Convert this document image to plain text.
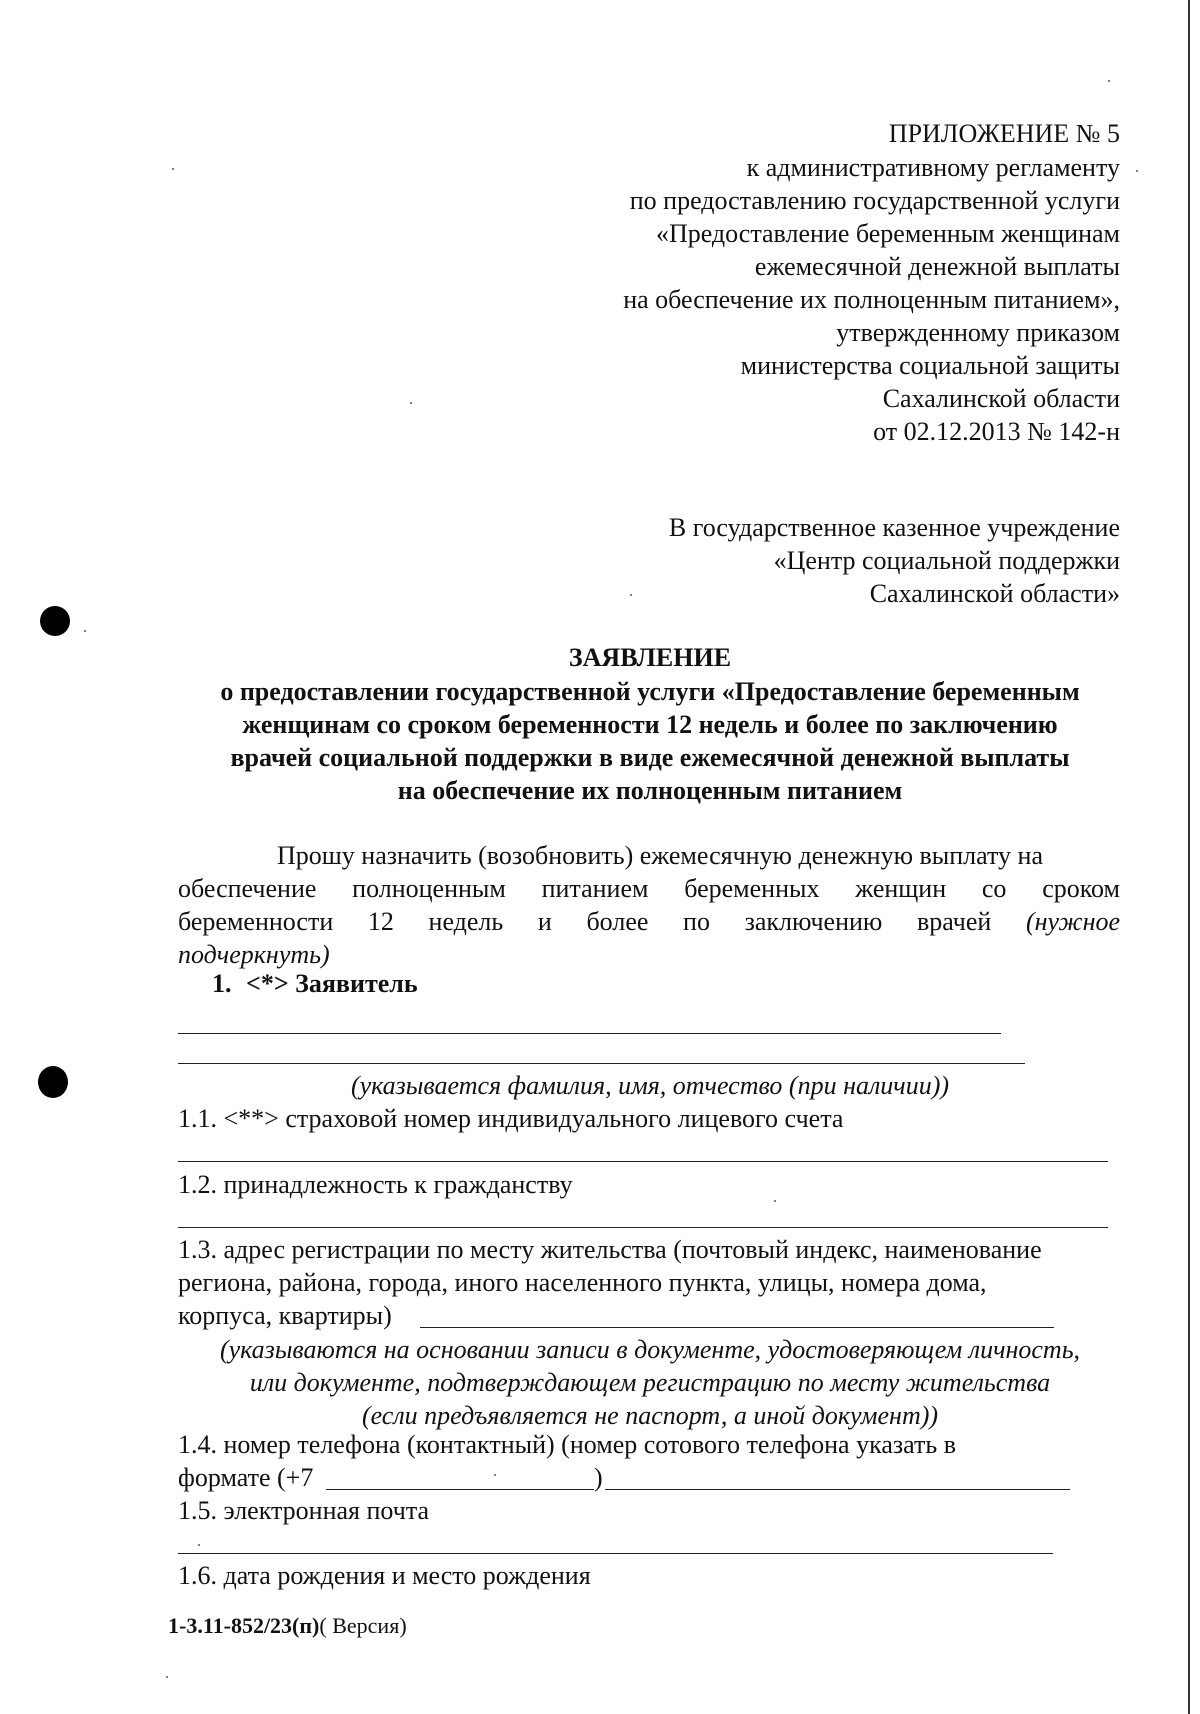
ПРИЛОЖЕНИЕ № 5
к административному регламенту
по предоставлению государственной услуги
«Предоставление беременным женщинам
ежемесячной денежной выплаты
на обеспечение их полноценным питанием»,
утвержденному приказом
министерства социальной защиты
Сахалинской области
от 02.12.2013 № 142-н
В государственное казенное учреждение
«Центр социальной поддержки
Сахалинской области»
ЗАЯВЛЕНИЕ
о предоставлении государственной услуги «Предоставление беременным
женщинам со сроком беременности 12 недель и более по заключению
врачей социальной поддержки в виде ежемесячной денежной выплаты
на обеспечение их полноценным питанием
Прошу назначить (возобновить) ежемесячную денежную выплату на
обеспечение полноценным питанием беременных женщин со сроком
беременности 12 недель и более по заключению врачей (нужное
подчеркнуть)
1. <*> Заявитель
(указывается фамилия, имя, отчество (при наличии))
1.1. <**> страховой номер индивидуального лицевого счета
1.2. принадлежность к гражданству
1.3. адрес регистрации по месту жительства (почтовый индекс, наименование
региона, района, города, иного населенного пункта, улицы, номера дома,
корпуса, квартиры)
(указываются на основании записи в документе, удостоверяющем личность,
или документе, подтверждающем регистрацию по месту жительства
(если предъявляется не паспорт, а иной документ))
1.4. номер телефона (контактный) (номер сотового телефона указать в
формате (+7	)
1.5. электронная почта
1.6. дата рождения и место рождения
1-3.11-852/23(п)( Версия)
